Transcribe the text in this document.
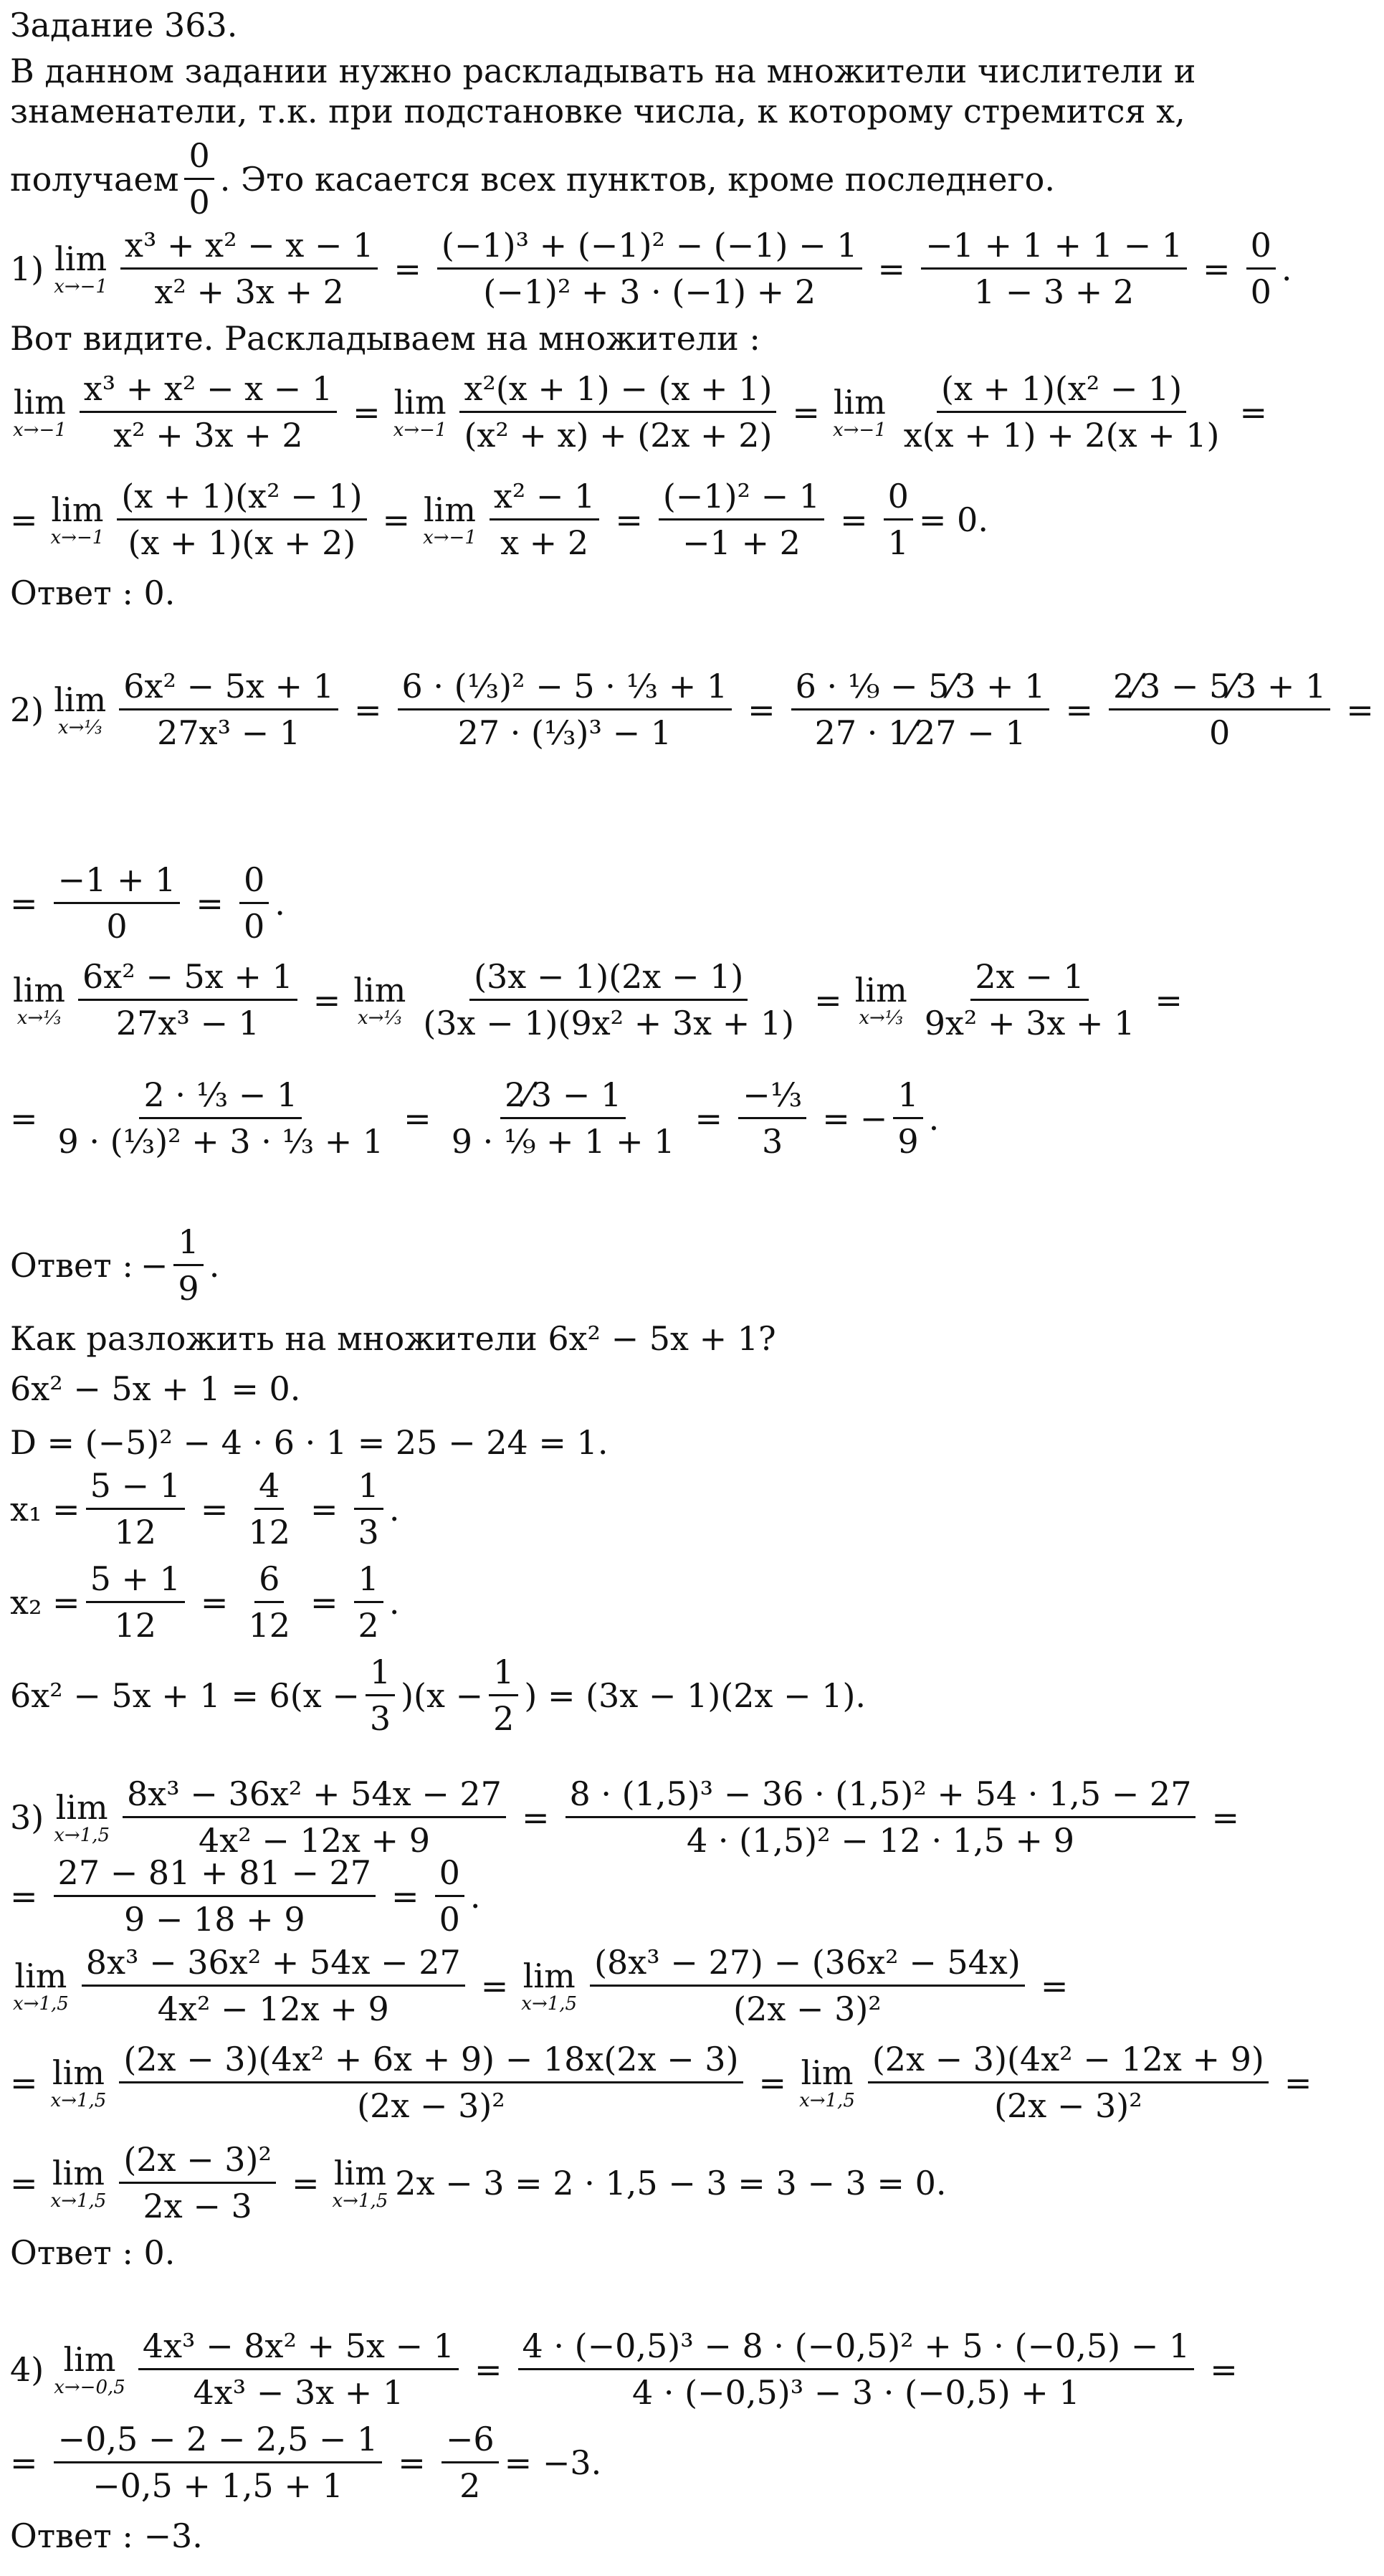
Задание 363.
В данном задании нужно раскладывать на множители числители и
знаменатели, т.к. при подстановке числа, к которому стремится x,
получаем $\frac{0}{0}$ . Это касается всех пунктов, кроме последнего.
1) lim
$x\to-1 \frac{\text{x³ + x² − x − 1}}{\text{x² + 3x + 2}} = \frac{\text{(−1)³ + (−1)² − (−1) − 1}}{\text{(−1)² + 3 · (−1) + 2}} = \frac{-1 + 1 + 1 - 1}{1 - 3 + 2} = \frac{0}{0}$ .
Вот видите. Раскладываем на множители :
lim
$x\to-1 \frac{\text{x³ + x² − x − 1}}{\text{x² + 3x + 2}} = \lim$
$x\to-1 \frac{\text{x²(x + 1) − (x + 1)}}{\text{(x² + x) + (2x + 2)}} = \lim$
$x\to-1 \frac{\text{(x + 1)(x² − 1)}}{x(x + 1) + 2(x + 1)}$ =
= lim
$x\to-1 \frac{\text{(x + 1)(x² − 1)}}{(x + 1)(x + 2)} = \lim$
$x\to-1 \frac{\text{x² − 1}}{x + 2} = \frac{\text{(−1)² − 1}}{-1 + 2} = \frac{0}{1} = 0$.
Ответ : 0.
2) lim
x→⅓ $\frac{\text{6x² − 5x + 1}}{\text{27x³ − 1}} = \frac{\text{6 · (⅓)² − 5 · ⅓ + 1}}{\text{27 · (⅓)³ − 1}} = \frac{\text{6 · ⅑ − 5⁄3 + 1}}{27 \cdot 1⁄27 - 1} = \frac{2⁄3 - 5⁄3 + 1}{0}$ =
= $\frac{-1 + 1}{0} = \frac{0}{0}$ .
lim
x→⅓ $\frac{\text{6x² − 5x + 1}}{\text{27x³ − 1}} = \lim$
x→⅓ $\frac{(3x - 1)(2x - 1)}{\text{(3x − 1)(9x² + 3x + 1)}} = \lim$
x→⅓ $\frac{2x - 1}{\text{9x² + 3x + 1}}$ =
= $\frac{\text{2 · ⅓ − 1}}{\text{9 · (⅓)² + 3 · ⅓ + 1}} = \frac{2⁄3 - 1}{\text{9 · ⅑ + 1 + 1}} = \frac{\text{−⅓}}{3}$ = − $\frac{1}{9}$ .
Ответ : − $\frac{1}{9}$ .
Как разложить на множители 6x² − 5x + 1?
6x² − 5x + 1 = 0.
D = (−5)² − 4 · 6 · 1 = 25 − 24 = 1.
$x_1 = \frac{5 - 1}{12} = \frac{4}{12} = \frac{1}{3}$ .
$x_2 = \frac{5 + 1}{12} = \frac{6}{12} = \frac{1}{2}$ .
$6x^2 - 5x + 1 = 6(x - \frac{1}{3} )(x - \frac{1}{2}$ ) = (3x − 1)(2x − 1).
3) lim
$x\to 1,5 \frac{\text{8x³ − 36x² + 54x − 27}}{\text{4x² − 12x + 9}} = \frac{\text{8 · (1,5)³ − 36 · (1,5)² + 54 · 1,5 − 27}}{\text{4 · (1,5)² − 12 · 1,5 + 9}}$ =
= $\frac{27 - 81 + 81 - 27}{9 - 18 + 9} = \frac{0}{0}$ .
lim
$x\to 1,5 \frac{\text{8x³ − 36x² + 54x − 27}}{\text{4x² − 12x + 9}} = \lim$
$x\to 1,5 \frac{\text{(8x³ − 27) − (36x² − 54x)}}{\text{(2x − 3)²}}$ =
= lim
$x\to 1,5 \frac{\text{(2x − 3)(4x² + 6x + 9) − 18x(2x − 3)}}{\text{(2x − 3)²}} = \lim$
$x\to 1,5 \frac{\text{(2x − 3)(4x² − 12x + 9)}}{\text{(2x − 3)²}}$ =
= lim
$x\to 1,5 \frac{\text{(2x − 3)²}}{2x - 3} = \lim$
x→1,5 2x − 3 = 2 · 1,5 − 3 = 3 − 3 = 0.
Ответ : 0.
4) lim
$x\to-0,5 \frac{\text{4x³ − 8x² + 5x − 1}}{\text{4x³ − 3x + 1}} = \frac{\text{4 · (−0,5)³ − 8 · (−0,5)² + 5 · (−0,5) − 1}}{\text{4 · (−0,5)³ − 3 · (−0,5) + 1}}$ =
= $\frac{-0,5 - 2 - 2,5 - 1}{-0,5 + 1,5 + 1} = \frac{-6}{2} = -3$.
Ответ : −3.
